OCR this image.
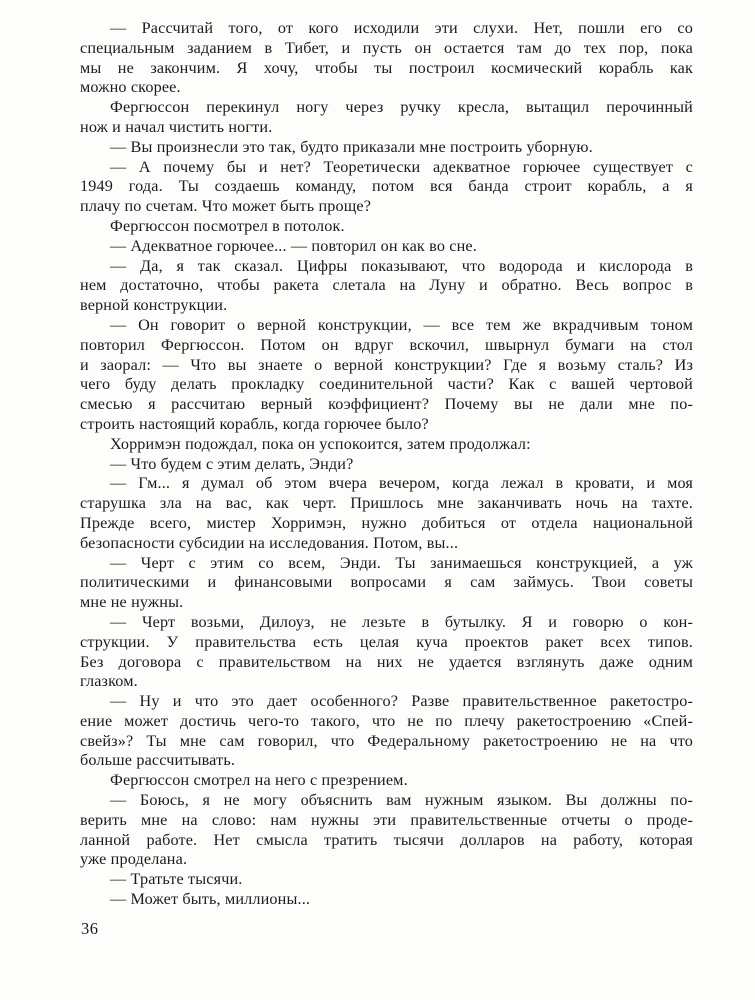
— Рассчитай того, от кого исходили эти слухи. Нет, пошли его со
специальным заданием в Тибет, и пусть он остается там до тех пор, пока
мы не закончим. Я хочу, чтобы ты построил космический корабль как
можно скорее.

Фергюссон перекинул ногу через ручку кресла, вытащил перочинный
нож и начал чистить ногти.

— Вы произнесли это так, будто приказали мне построить уборную.

— А почему бы и нет? Теоретически адекватное горючее существует с
1949 года. Ты создаешь команду, потом вся банда строит корабль, а я
плачу по счетам. Что может быть проще?

Фергюссон посмотрел в потолок.

— Адекватное горючее... — повторил он как во сне.

— Да, я так сказал. Цифры показывают, что водорода и кислорода в
нем достаточно, чтобы ракета слетала на Луну и обратно. Весь вопрос в
верной конструкции.

— Он говорит о верной конструкции, — все тем же вкрадчивым тоном
повторил Фергюссон. Потом он вдруг вскочил, швырнул бумаги на стол
и заорал: — Что вы знаете о верной конструкции? Где я возьму сталь? Из
чего буду делать прокладку соединительной части? Как с вашей чертовой
смесью я рассчитаю верный коэффициент? Почему вы не дали мне по-
строить настоящий корабль, когда горючее было?

Хорримэн подождал, пока он успокоится, затем продолжал:

— Что будем с этим делать, Энди?

— Гм... я думал об этом вчера вечером, когда лежал в кровати, и моя
старушка зла на вас, как черт. Пришлось мне заканчивать ночь на тахте.
Прежде всего, мистер Хорримэн, нужно добиться от отдела национальной
безопасности субсидии на исследования. Потом, вы...

— Черт с этим со всем, Энди. Ты занимаешься конструкцией, а уж
политическими и финансовыми вопросами я сам займусь. Твои советы
мне не нужны.

— Черт возьми, Дилоуз, не лезьте в бутылку. Я и говорю о кон-
струкции. У правительства есть целая куча проектов ракет всех типов.
Без договора с правительством на них не удается взглянуть даже одним
глазком.

— Ну и что это дает особенного? Разве правительственное ракетостро-
ение может достичь чего-то такого, что не по плечу ракетостроению «Спей-
свейз»? Ты мне сам говорил, что Федеральному ракетостроению не на что
больше рассчитывать.

Фергюссон смотрел на него с презрением.

— Боюсь, я не могу объяснить вам нужным языком. Вы должны по-
верить мне на слово: нам нужны эти правительственные отчеты о проде-
ланной работе. Нет смысла тратить тысячи долларов на работу, которая
уже проделана.

— Тратьте тысячи.

— Может быть, миллионы...

36
